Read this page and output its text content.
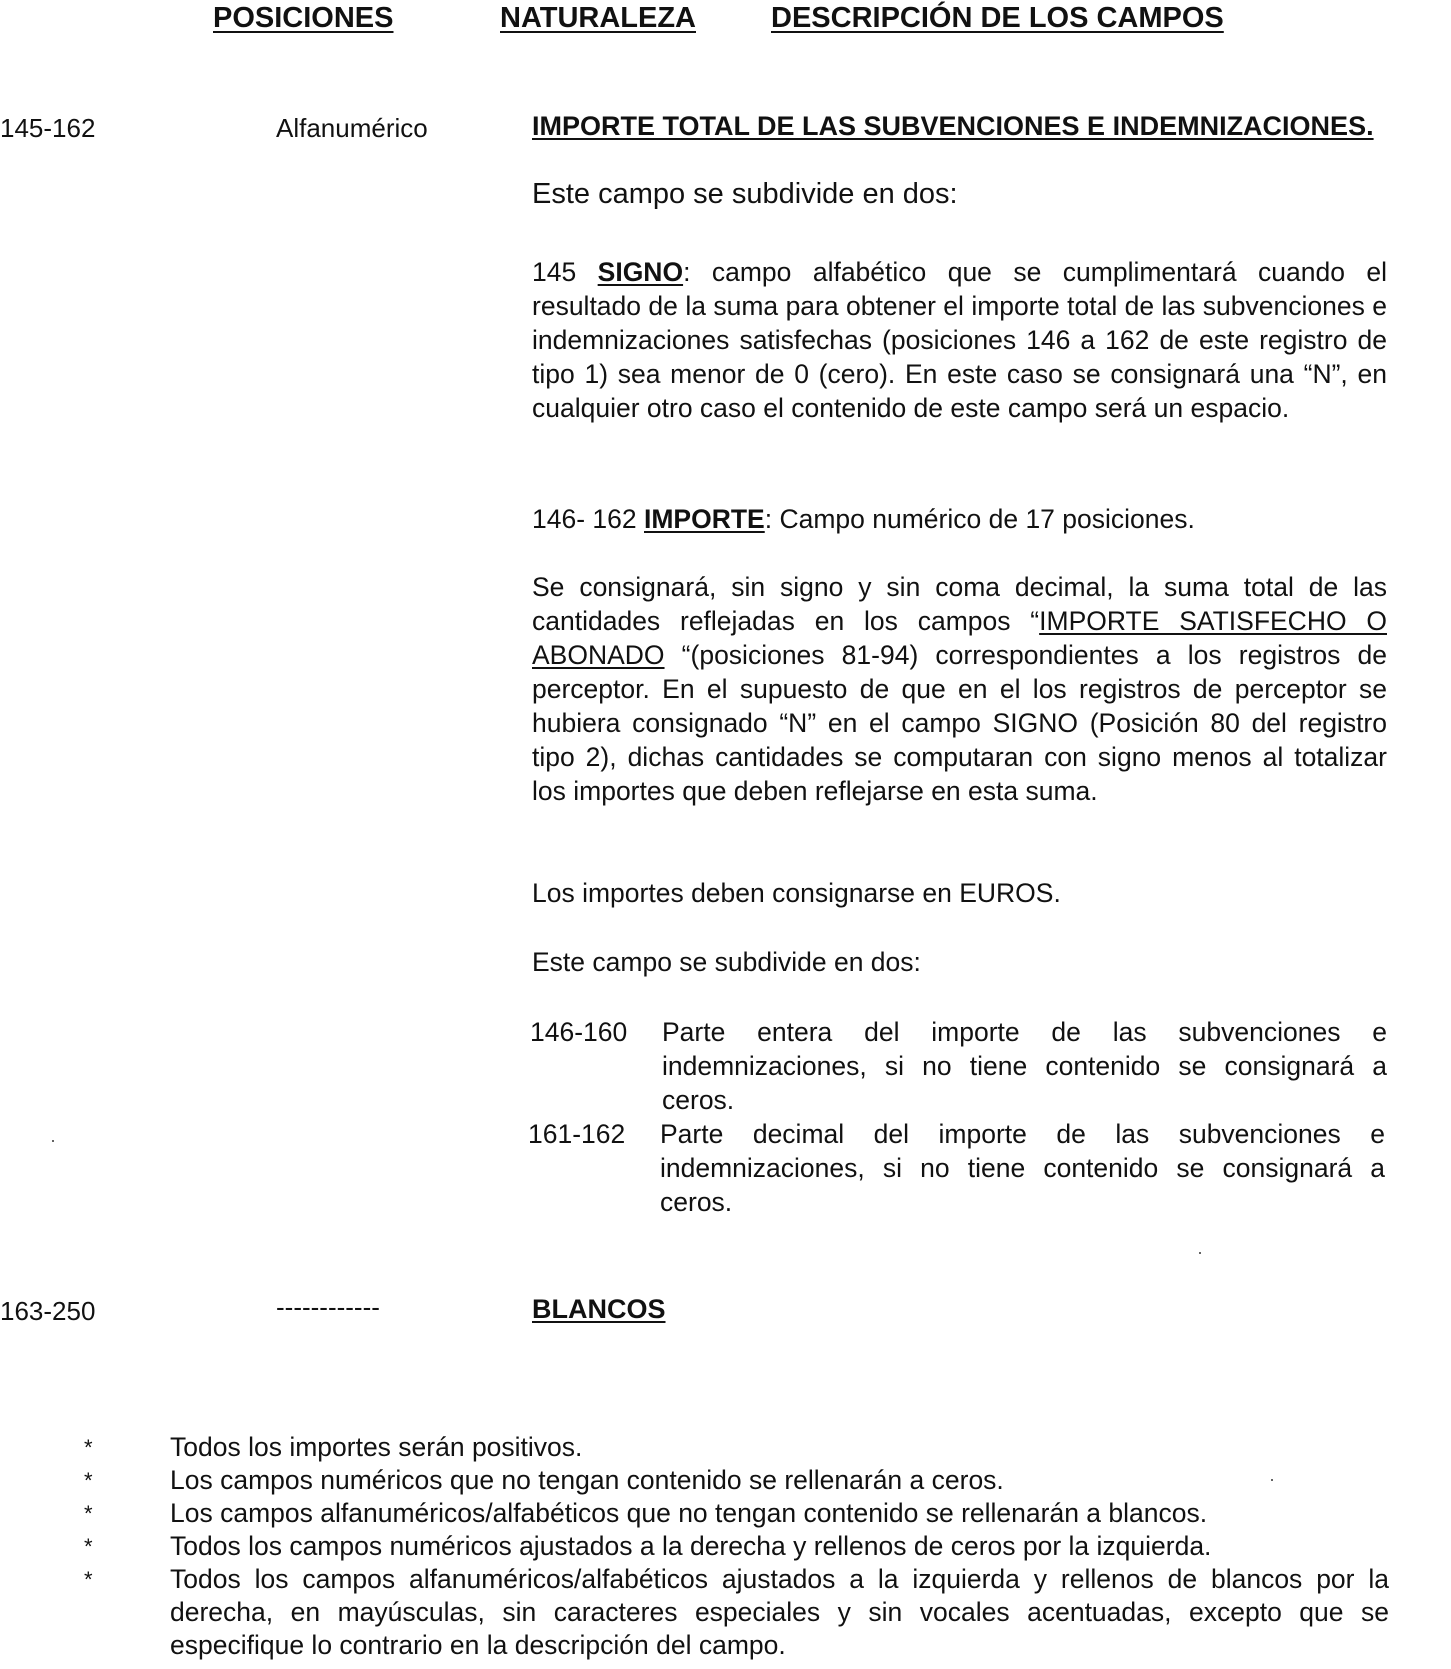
POSICIONES	NATURALEZA	DESCRIPCIÓN DE LOS CAMPOS
145-162	Alfanumérico	IMPORTE TOTAL DE LAS SUBVENCIONES E INDEMNIZACIONES.
Este campo se subdivide en dos:
145 SIGNO: campo alfabético que se cumplimentará cuando el resultado de la suma para obtener el importe total de las subvenciones e indemnizaciones satisfechas (posiciones 146 a 162 de este registro de tipo 1) sea menor de 0 (cero). En este caso se consignará una “N”, en cualquier otro caso el contenido de este campo será un espacio.
146- 162 IMPORTE: Campo numérico de 17 posiciones.
Se consignará, sin signo y sin coma decimal, la suma total de las cantidades reflejadas en los campos “IMPORTE SATISFECHO O ABONADO “(posiciones 81-94) correspondientes a los registros de perceptor. En el supuesto de que en el los registros de perceptor se hubiera consignado “N” en el campo SIGNO (Posición 80 del registro tipo 2), dichas cantidades se computaran con signo menos al totalizar los importes que deben reflejarse en esta suma.
Los importes deben consignarse en EUROS.
Este campo se subdivide en dos:
146-160 Parte entera del importe de las subvenciones e indemnizaciones, si no tiene contenido se consignará a ceros.
161-162 Parte decimal del importe de las subvenciones e indemnizaciones, si no tiene contenido se consignará a ceros.
163-250	------------	BLANCOS
*	Todos los importes serán positivos.
*	Los campos numéricos que no tengan contenido se rellenarán a ceros.
*	Los campos alfanuméricos/alfabéticos que no tengan contenido se rellenarán a blancos.
*	Todos los campos numéricos ajustados a la derecha y rellenos de ceros por la izquierda.
*	Todos los campos alfanuméricos/alfabéticos ajustados a la izquierda y rellenos de blancos por la derecha, en mayúsculas, sin caracteres especiales y sin vocales acentuadas, excepto que se especifique lo contrario en la descripción del campo.
